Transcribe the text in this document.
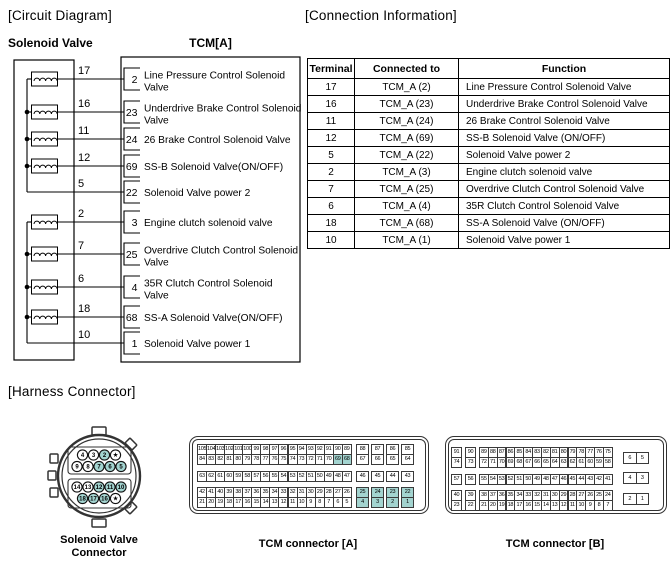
[Circuit Diagram]	[Connection Information]
[Harness Connector]
Solenoid Valve	TCM[A]
17
2 Line Pressure Control Solenoid
Valve
16
23 Underdrive Brake Control Solenoid
Valve
11
24 26 Brake Control Solenoid Valve
12
69 SS-B Solenoid Valve(ON/OFF)
5
22 Solenoid Valve power 2
2
3 Engine clutch solenoid valve
7
25 Overdrive Clutch Control Solenoid
Valve
6
4 35R Clutch Control Solenoid
Valve
18
68 SS-A Solenoid Valve(ON/OFF)
10
1 Solenoid Valve power 1
Terminal	Connected to	Function
17	TCM_A (2)	Line Pressure Control Solenoid Valve
16	TCM_A (23)	Underdrive Brake Control Solenoid Valve
11	TCM_A (24)	26 Brake Control Solenoid Valve
12	TCM_A (69)	SS-B Solenoid Valve (ON/OFF)
5	TCM_A (22)	Solenoid Valve power 2
2	TCM_A (3)	Engine clutch solenoid valve
7	TCM_A (25)	Overdrive Clutch Control Solenoid Valve
6	TCM_A (4)	35R Clutch Control Solenoid Valve
18	TCM_A (68)	SS-A Solenoid Valve (ON/OFF)
10	TCM_A (1)	Solenoid Valve power 1
4 3 2 ★
9 8 7 6 5
14 13 12 11 10
18 17 16 ★
Solenoid Valve
Connector
105 104 103 102 101 100 99 98 97 96 95 94 93 92 91 90 89
84 83 82 81 80 79 78 77 76 75 74 73 72 71 70 69 68
88	87	86	85
67	66	65	64
63 62 61 60 59 58 57 56 55 54 53 52 51 50 49 48 47	46	45	44	43
42 41 40 39 38 37 36 35 34 33 32 31 30 29 28 27 26	25	24	23	22
21 20 19 18 17 16 15 14 13 12 11 10 9	8	7	6	5	4	3	2	1
TCM connector [A]
89 88 87 86 85 84 83 82 81 80 79 78 77 76 75
72 71 70 69 68 67 66 65 64 63 62 61 60 59 58
55 54 53 52 51 50 49 48 47 46 45 44 43 42 41
38 37 36 35 34 33 32 31 30 29 28 27 26 25 24
21 20 19 18 17 16 15 14 13 12 11 10 9	8	7
91
74
90
73
57	56
40
23
39
22
6	5
4	3
2	1
TCM connector [B]
